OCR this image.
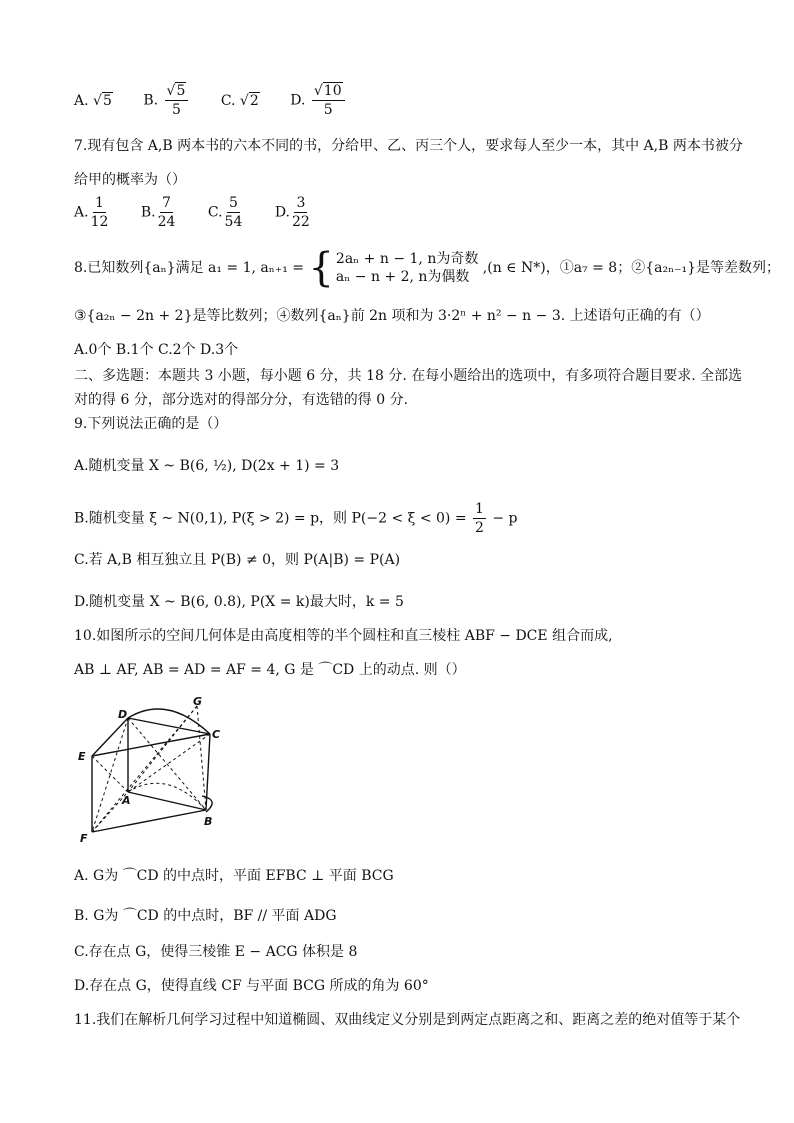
A. √5 B. $\frac{√5}{5} C$. √2 D. $\frac{√10}{5}$
7.现有包含 A,B 两本书的六本不同的书，分给甲、乙、丙三个人，要求每人至少一本，其中 A,B 两本书被分
给甲的概率为（）
A. $\frac{1}{12} B$. $\frac{7}{24} C$. $\frac{5}{54} D$. $\frac{3}{22}$
8.已知数列{aₙ}满足 a₁ = 1, aₙ₊₁ = { 2aₙ + n − 1, n为奇数
aₙ − n + 2, n为偶数
,(n ∈ N*)，①a₇ = 8；②{a₂ₙ₋₁}是等差数列；
③{a₂ₙ − 2n + 2}是等比数列；④数列{aₙ}前 2n 项和为 3·2ⁿ + n² − n − 3. 上述语句正确的有（）
A.0个 B.1个 C.2个 D.3个
二、多选题：本题共 3 小题，每小题 6 分，共 18 分. 在每小题给出的选项中，有多项符合题目要求. 全部选
对的得 6 分，部分选对的得部分分，有选错的得 0 分.
9.下列说法正确的是（）
A.随机变量 X ~ B(6, ½), D(2x + 1) = 3
B.随机变量 ξ ~ N(0,1), P(ξ > 2) = p，则 $P(-2 < \xi < 0) = \frac{1}{2} - p$
C.若 A,B 相互独立且 P(B) ≠ 0，则 P(A|B) = P(A)
D.随机变量 X ~ B(6, 0.8), P(X = k)最大时，k = 5
10.如图所示的空间几何体是由高度相等的半个圆柱和直三棱柱 ABF − DCE 组合而成,
AB ⊥ AF, AB = AD = AF = 4, G 是 ⌒CD 上的动点. 则（）
D
G
C
E
A
B
F
A. G为 ⌒CD 的中点时，平面 EFBC ⊥ 平面 BCG
B. G为 ⌒CD 的中点时，BF // 平面 ADG
C.存在点 G，使得三棱锥 E − ACG 体积是 8
D.存在点 G，使得直线 CF 与平面 BCG 所成的角为 60°
11.我们在解析几何学习过程中知道椭圆、双曲线定义分别是到两定点距离之和、距离之差的绝对值等于某个
